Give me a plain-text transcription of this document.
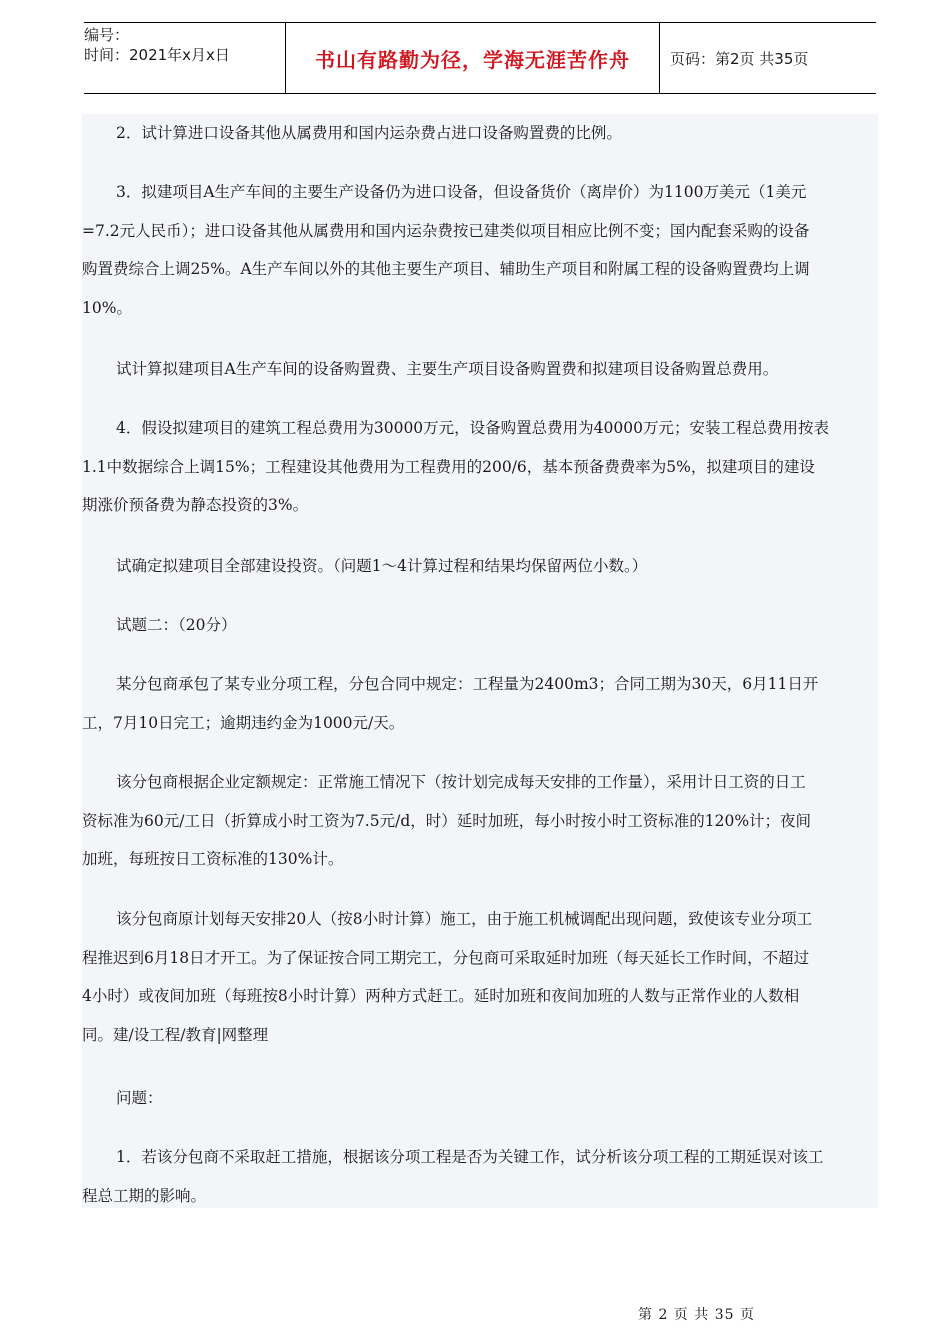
编号：
时间：2021年x月x日	书山有路勤为径，学海无涯苦作舟	页码：第2页 共35页
2．试计算进口设备其他从属费用和国内运杂费占进口设备购置费的比例。
3．拟建项目A生产车间的主要生产设备仍为进口设备，但设备货价（离岸价）为1100万美元（1美元
=7.2元人民币）；进口设备其他从属费用和国内运杂费按已建类似项目相应比例不变；国内配套采购的设备
购置费综合上调25%。A生产车间以外的其他主要生产项目、辅助生产项目和附属工程的设备购置费均上调
10%。
试计算拟建项目A生产车间的设备购置费、主要生产项目设备购置费和拟建项目设备购置总费用。
4．假设拟建项目的建筑工程总费用为30000万元，设备购置总费用为40000万元；安装工程总费用按表
1.1中数据综合上调15%；工程建设其他费用为工程费用的200/6，基本预备费费率为5%，拟建项目的建设
期涨价预备费为静态投资的3%。
试确定拟建项目全部建设投资。（问题1～4计算过程和结果均保留两位小数。）
试题二：（20分）
某分包商承包了某专业分项工程，分包合同中规定：工程量为2400m3；合同工期为30天，6月11日开
工，7月10日完工；逾期违约金为1000元/天。
该分包商根据企业定额规定：正常施工情况下（按计划完成每天安排的工作量），采用计日工资的日工
资标准为60元/工日（折算成小时工资为7.5元/d，时）延时加班，每小时按小时工资标准的120%计；夜间
加班，每班按日工资标准的130%计。
该分包商原计划每天安排20人（按8小时计算）施工，由于施工机械调配出现问题，致使该专业分项工
程推迟到6月18日才开工。为了保证按合同工期完工，分包商可采取延时加班（每天延长工作时间，不超过
4小时）或夜间加班（每班按8小时计算）两种方式赶工。延时加班和夜间加班的人数与正常作业的人数相
同。建/设工程/教育|网整理
问题：
1．若该分包商不采取赶工措施，根据该分项工程是否为关键工作，试分析该分项工程的工期延误对该工
程总工期的影响。
第 2 页 共 35 页
